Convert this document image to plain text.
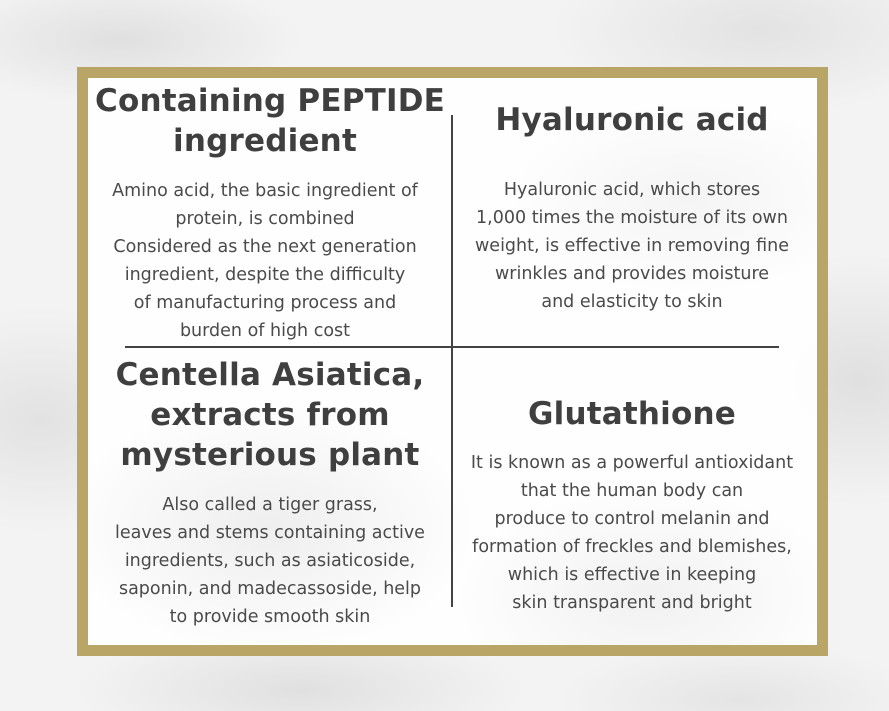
Containing PEPTIDE
ingredient
Amino acid, the basic ingredient of
protein, is combined
Considered as the next generation
ingredient, despite the difficulty
of manufacturing process and
burden of high cost
Hyaluronic acid
Hyaluronic acid, which stores
1,000 times the moisture of its own
weight, is effective in removing fine
wrinkles and provides moisture
and elasticity to skin
Centella Asiatica,
extracts from
mysterious plant
Also called a tiger grass,
leaves and stems containing active
ingredients, such as asiaticoside,
saponin, and madecassoside, help
to provide smooth skin
Glutathione
It is known as a powerful antioxidant
that the human body can
produce to control melanin and
formation of freckles and blemishes,
which is effective in keeping
skin transparent and bright
